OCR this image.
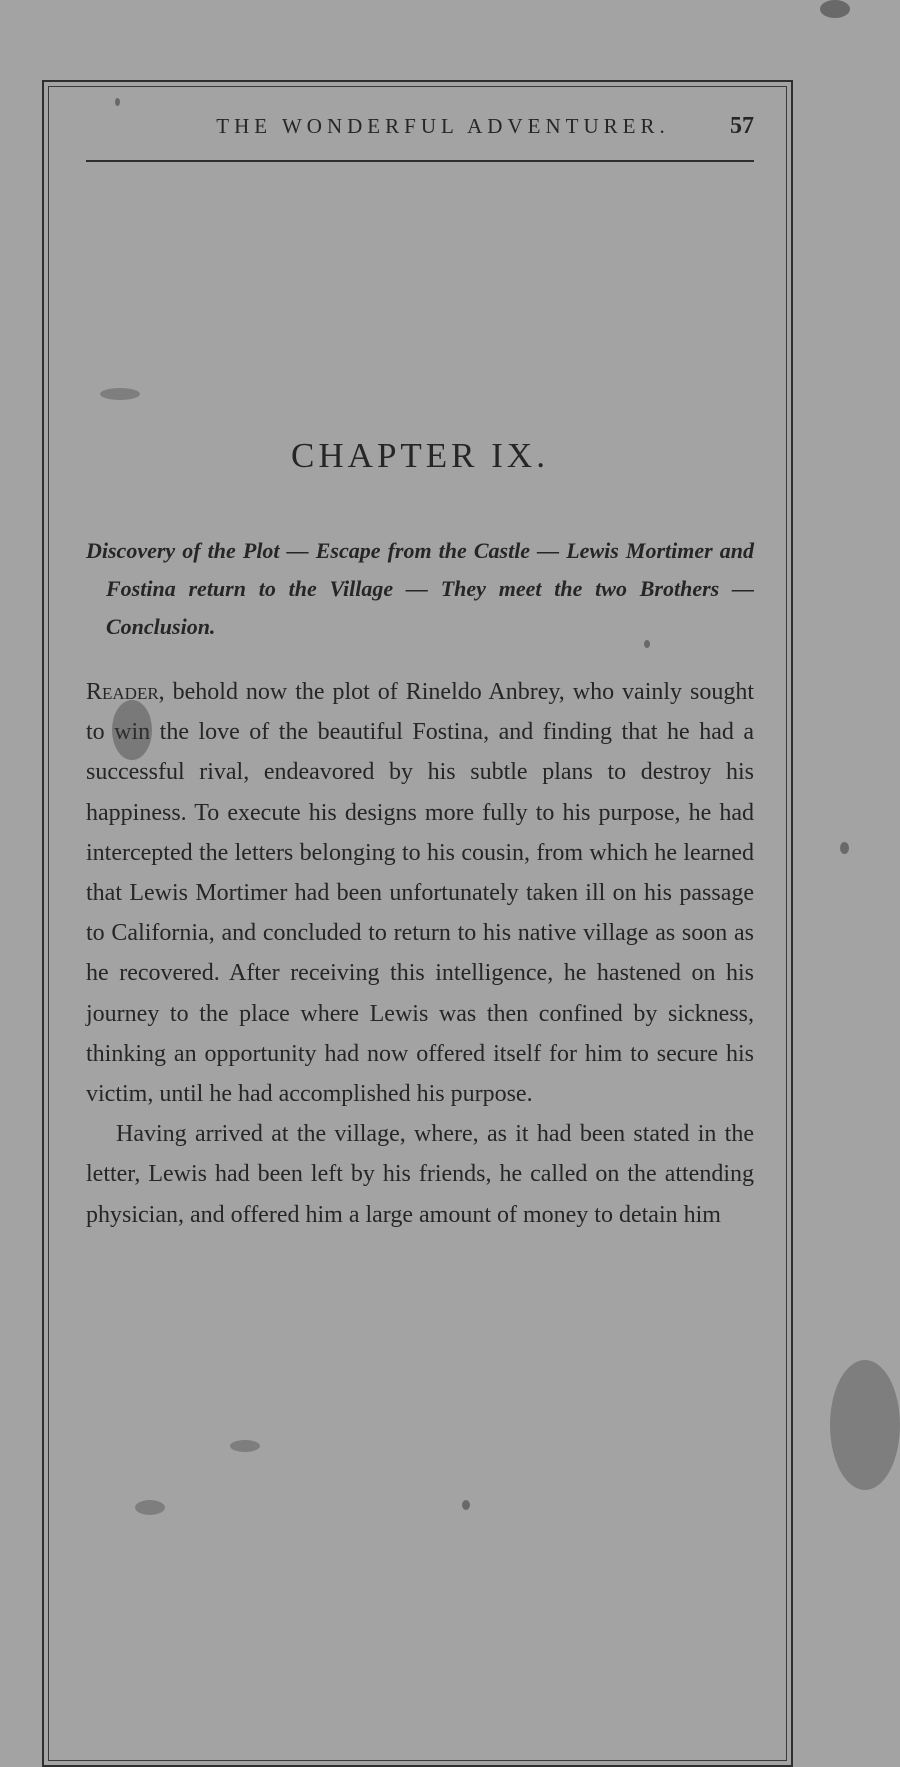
THE WONDERFUL ADVENTURER.	57
CHAPTER IX.
Discovery of the Plot — Escape from the Castle — Lewis Mortimer and Fostina return to the Village — They meet the two Brothers — Conclusion.

Reader, behold now the plot of Rineldo Anbrey, who vainly sought to win the love of the beautiful Fostina, and finding that he had a successful rival, endeavored by his subtle plans to destroy his happiness. To execute his designs more fully to his purpose, he had intercepted the letters belonging to his cousin, from which he learned that Lewis Mortimer had been unfortunately taken ill on his passage to California, and concluded to return to his native village as soon as he recovered. After receiving this intelligence, he hastened on his journey to the place where Lewis was then confined by sickness, thinking an opportunity had now offered itself for him to secure his victim, until he had accomplished his purpose.

Having arrived at the village, where, as it had been stated in the letter, Lewis had been left by his friends, he called on the attending physician, and offered him a large amount of money to detain him
